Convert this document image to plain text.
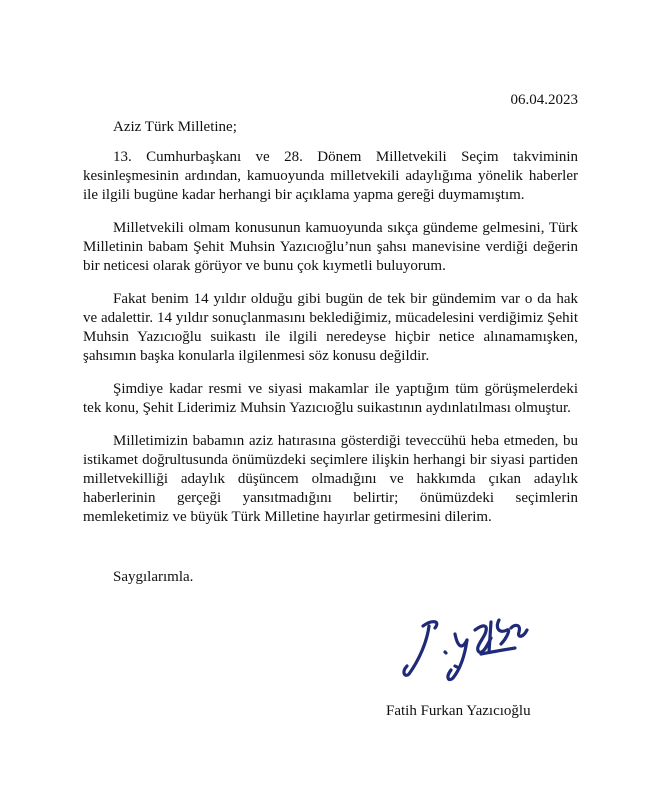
06.04.2023
Aziz Türk Milletine;

13. Cumhurbaşkanı ve 28. Dönem Milletvekili Seçim takviminin kesinleşmesinin ardından, kamuoyunda milletvekili adaylığıma yönelik haberler ile ilgili bugüne kadar herhangi bir açıklama yapma gereği duymamıştım.

Milletvekili olmam konusunun kamuoyunda sıkça gündeme gelmesini, Türk Milletinin babam Şehit Muhsin Yazıcıoğlu’nun şahsı manevisine verdiği değerin bir neticesi olarak görüyor ve bunu çok kıymetli buluyorum.

Fakat benim 14 yıldır olduğu gibi bugün de tek bir gündemim var o da hak ve adalettir. 14 yıldır sonuçlanmasını beklediğimiz, mücadelesini verdiğimiz Şehit Muhsin Yazıcıoğlu suikastı ile ilgili neredeyse hiçbir netice alınamamışken, şahsımın başka konularla ilgilenmesi söz konusu değildir.

Şimdiye kadar resmi ve siyasi makamlar ile yaptığım tüm görüşmelerdeki tek konu, Şehit Liderimiz Muhsin Yazıcıoğlu suikastının aydınlatılması olmuştur.

Milletimizin babamın aziz hatırasına gösterdiği teveccühü heba etmeden, bu istikamet doğrultusunda önümüzdeki seçimlere ilişkin herhangi bir siyasi partiden milletvekilliği adaylık düşüncem olmadığını ve hakkımda çıkan adaylık haberlerinin gerçeği yansıtmadığını belirtir; önümüzdeki seçimlerin memleketimiz ve büyük Türk Milletine hayırlar getirmesini dilerim.

Saygılarımla.
Fatih Furkan Yazıcıoğlu
